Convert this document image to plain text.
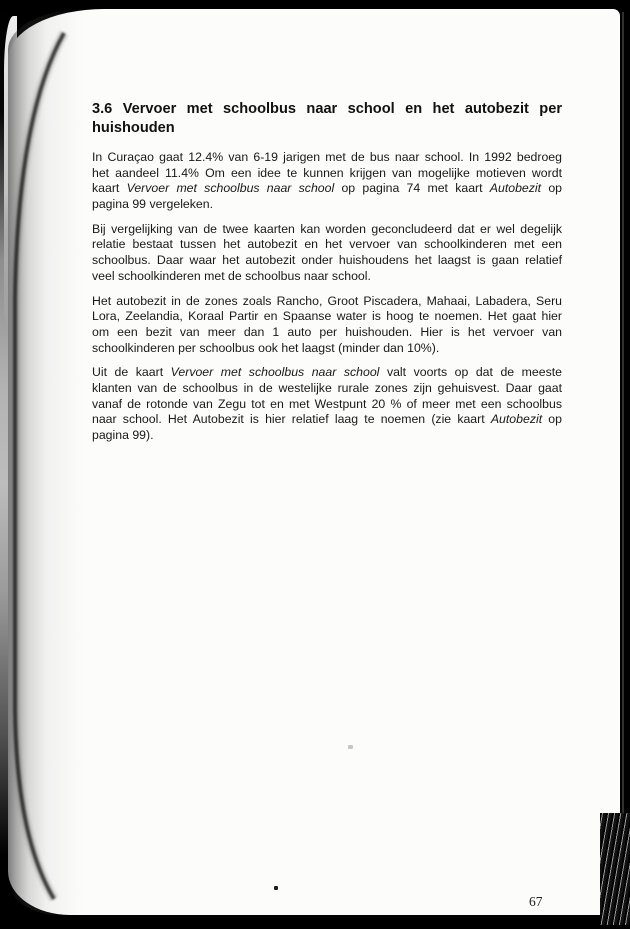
3.6 Vervoer met schoolbus naar school en het autobezit per
huishouden
In Curaçao gaat 12.4% van 6-19 jarigen met de bus naar school. In 1992 bedroeg
het aandeel 11.4% Om een idee te kunnen krijgen van mogelijke motieven wordt
kaart Vervoer met schoolbus naar school op pagina 74 met kaart Autobezit op
pagina 99 vergeleken.
Bij vergelijking van de twee kaarten kan worden geconcludeerd dat er wel degelijk
relatie bestaat tussen het autobezit en het vervoer van schoolkinderen met een
schoolbus. Daar waar het autobezit onder huishoudens het laagst is gaan relatief
veel schoolkinderen met de schoolbus naar school.
Het autobezit in de zones zoals Rancho, Groot Piscadera, Mahaai, Labadera, Seru
Lora, Zeelandia, Koraal Partir en Spaanse water is hoog te noemen. Het gaat hier
om een bezit van meer dan 1 auto per huishouden. Hier is het vervoer van
schoolkinderen per schoolbus ook het laagst (minder dan 10%).
Uit de kaart Vervoer met schoolbus naar school valt voorts op dat de meeste
klanten van de schoolbus in de westelijke rurale zones zijn gehuisvest. Daar gaat
vanaf de rotonde van Zegu tot en met Westpunt 20 % of meer met een schoolbus
naar school. Het Autobezit is hier relatief laag te noemen (zie kaart Autobezit op
pagina 99).
67
